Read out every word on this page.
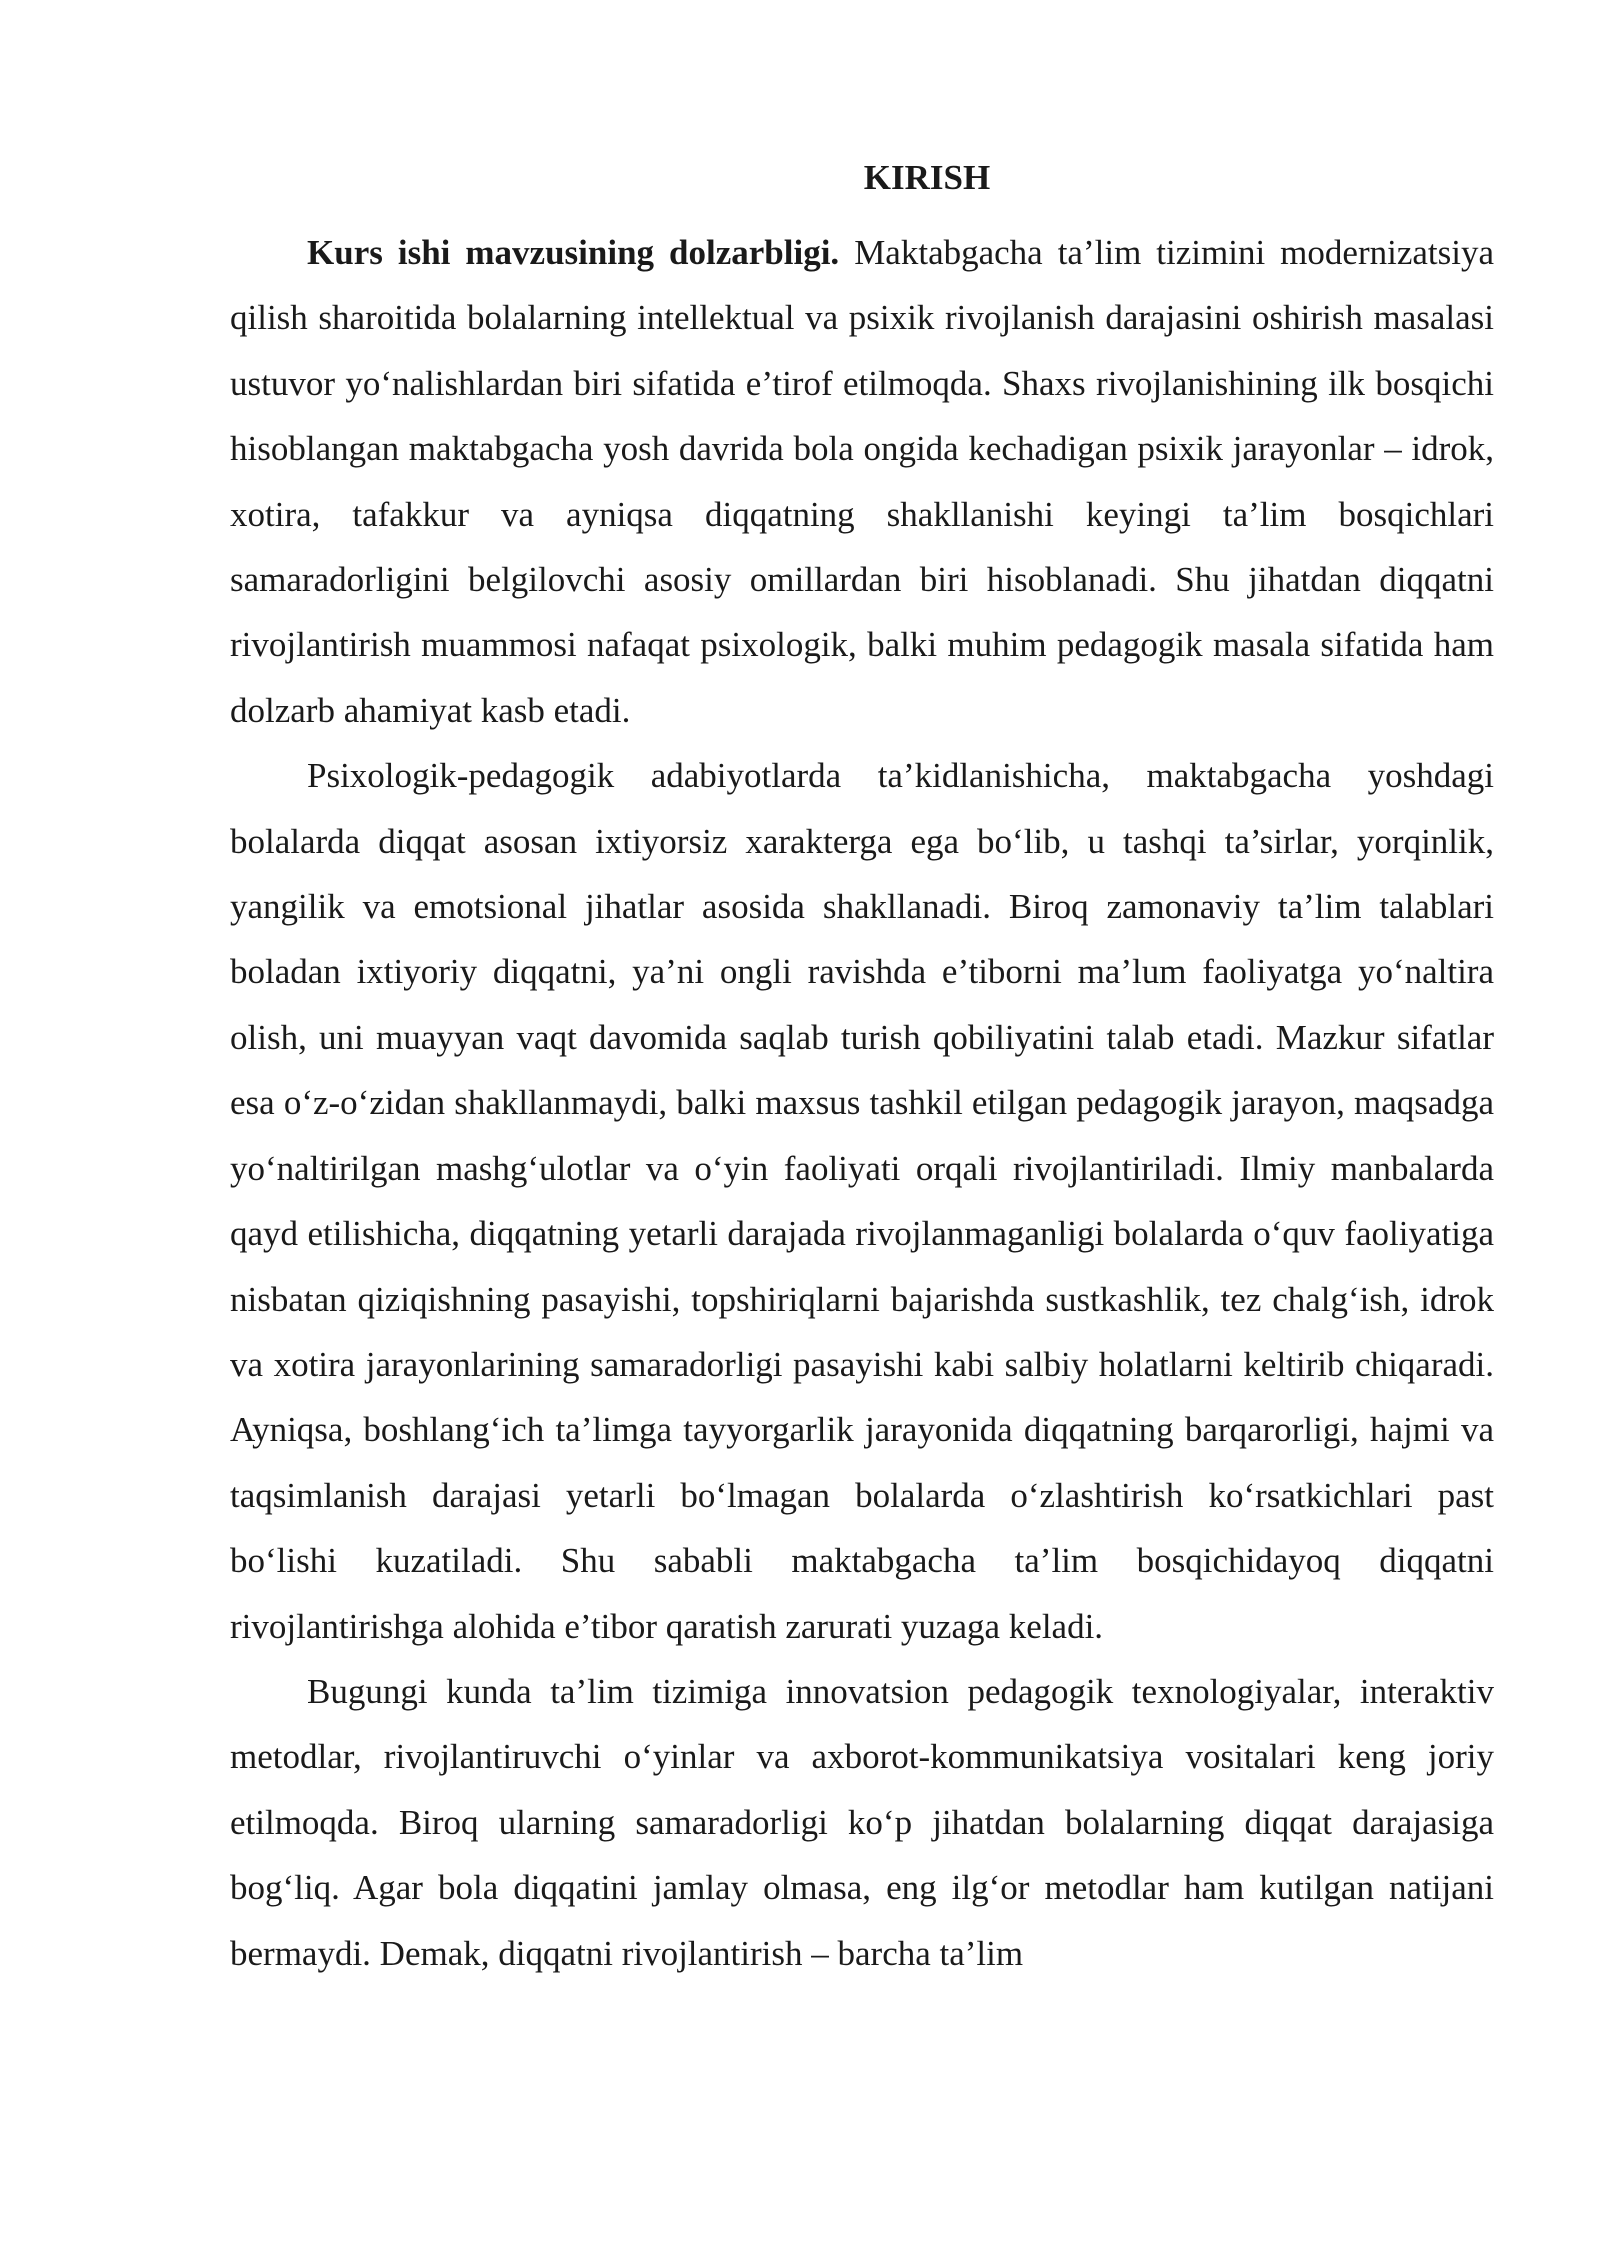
KIRISH

Kurs ishi mavzusining dolzarbligi. Maktabgacha ta’lim tizimini modernizatsiya qilish sharoitida bolalarning intellektual va psixik rivojlanish darajasini oshirish masalasi ustuvor yo‘nalishlardan biri sifatida e’tirof etilmoqda. Shaxs rivojlanishining ilk bosqichi hisoblangan maktabgacha yosh davrida bola ongida kechadigan psixik jarayonlar – idrok, xotira, tafakkur va ayniqsa diqqatning shakllanishi keyingi ta’lim bosqichlari samaradorligini belgilovchi asosiy omillardan biri hisoblanadi. Shu jihatdan diqqatni rivojlantirish muammosi nafaqat psixologik, balki muhim pedagogik masala sifatida ham dolzarb ahamiyat kasb etadi.

Psixologik-pedagogik adabiyotlarda ta’kidlanishicha, maktabgacha yoshdagi bolalarda diqqat asosan ixtiyorsiz xarakterga ega bo‘lib, u tashqi ta’sirlar, yorqinlik, yangilik va emotsional jihatlar asosida shakllanadi. Biroq zamonaviy ta’lim talablari boladan ixtiyoriy diqqatni, ya’ni ongli ravishda e’tiborni ma’lum faoliyatga yo‘naltira olish, uni muayyan vaqt davomida saqlab turish qobiliyatini talab etadi. Mazkur sifatlar esa o‘z-o‘zidan shakllanmaydi, balki maxsus tashkil etilgan pedagogik jarayon, maqsadga yo‘naltirilgan mashg‘ulotlar va o‘yin faoliyati orqali rivojlantiriladi. Ilmiy manbalarda qayd etilishicha, diqqatning yetarli darajada rivojlanmaganligi bolalarda o‘quv faoliyatiga nisbatan qiziqishning pasayishi, topshiriqlarni bajarishda sustkashlik, tez chalg‘ish, idrok va xotira jarayonlarining samaradorligi pasayishi kabi salbiy holatlarni keltirib chiqaradi. Ayniqsa, boshlang‘ich ta’limga tayyorgarlik jarayonida diqqatning barqarorligi, hajmi va taqsimlanish darajasi yetarli bo‘lmagan bolalarda o‘zlashtirish ko‘rsatkichlari past bo‘lishi kuzatiladi. Shu sababli maktabgacha ta’lim bosqichidayoq diqqatni rivojlantirishga alohida e’tibor qaratish zarurati yuzaga keladi.

Bugungi kunda ta’lim tizimiga innovatsion pedagogik texnologiyalar, interaktiv metodlar, rivojlantiruvchi o‘yinlar va axborot-kommunikatsiya vositalari keng joriy etilmoqda. Biroq ularning samaradorligi ko‘p jihatdan bolalarning diqqat darajasiga bog‘liq. Agar bola diqqatini jamlay olmasa, eng ilg‘or metodlar ham kutilgan natijani bermaydi. Demak, diqqatni rivojlantirish – barcha ta’lim
